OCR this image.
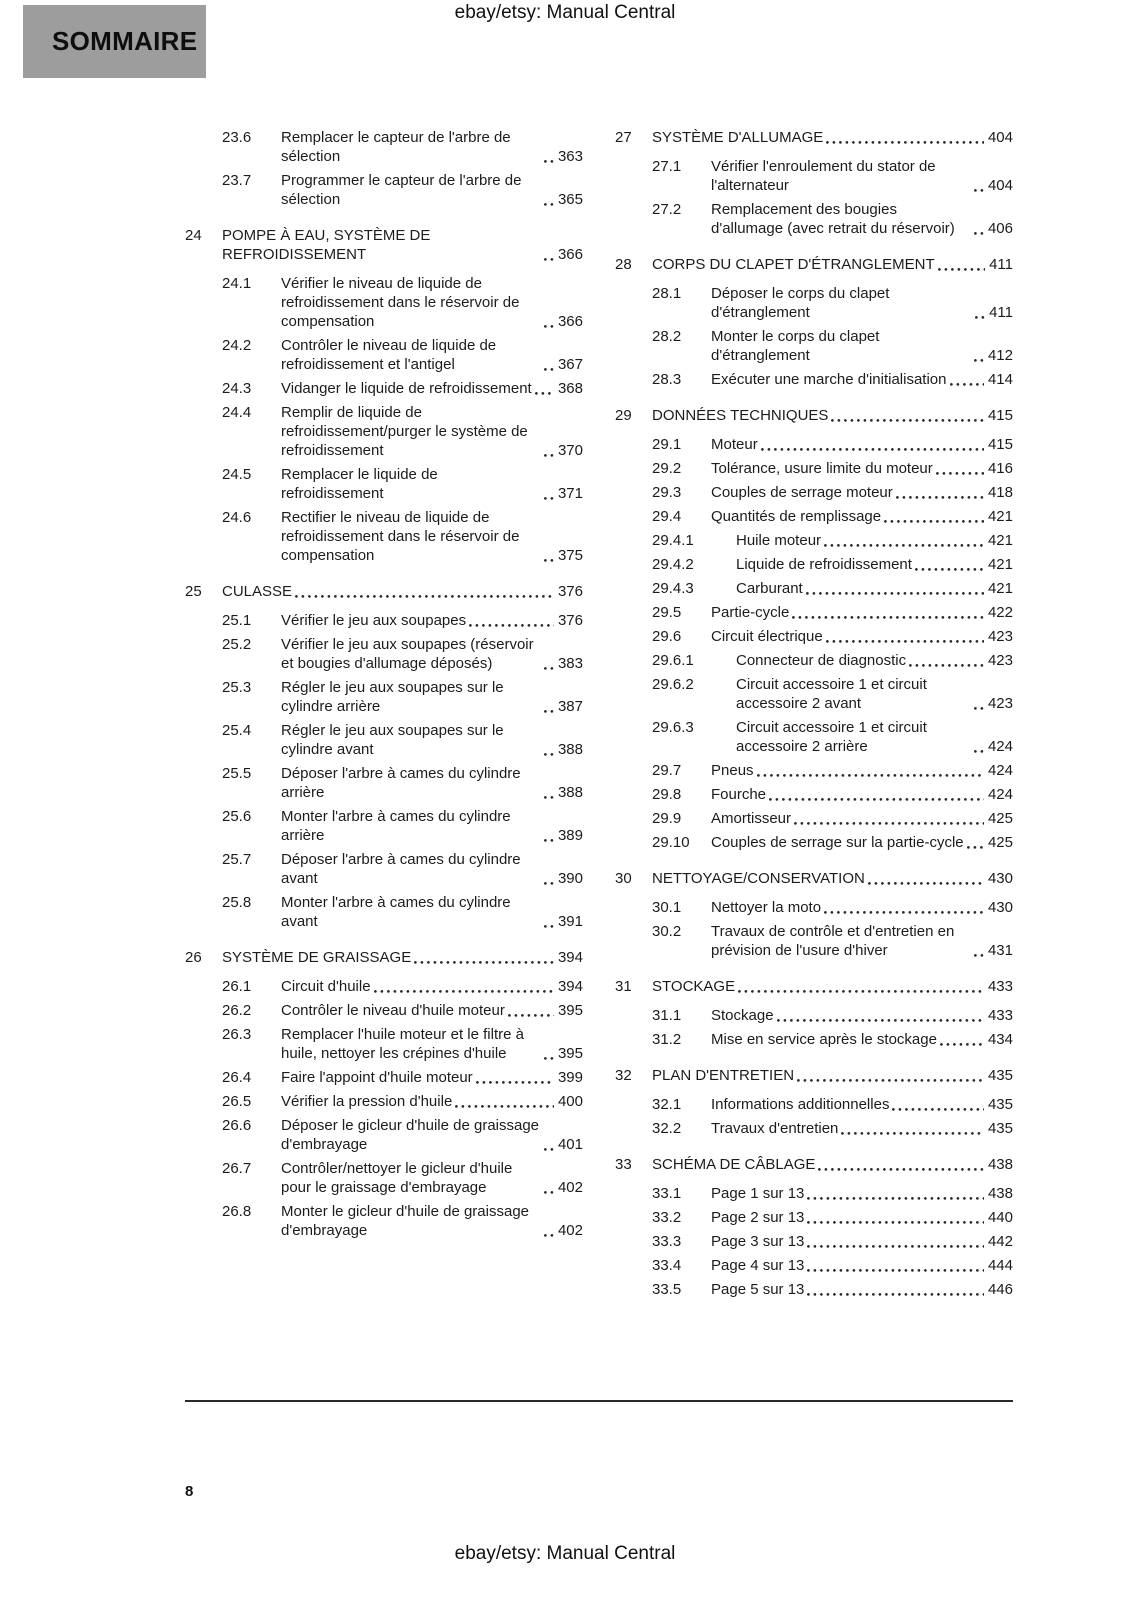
ebay/etsy: Manual Central
SOMMAIRE
23.6	Remplacer le capteur de l'arbre de sélection	363
23.7	Programmer le capteur de l'arbre de sélection	365
24	POMPE À EAU, SYSTÈME DE REFROIDISSEMENT	366
24.1	Vérifier le niveau de liquide de refroidissement dans le réservoir de compensation	366
24.2	Contrôler le niveau de liquide de refroidissement et l'antigel	367
24.3	Vidanger le liquide de refroidissement 368
24.4	Remplir de liquide de refroidissement/purger le système de refroidissement	370
24.5	Remplacer le liquide de refroidissement	371
24.6	Rectifier le niveau de liquide de refroidissement dans le réservoir de compensation	375
25	CULASSE	376
25.1	Vérifier le jeu aux soupapes	376
25.2	Vérifier le jeu aux soupapes (réservoir et bougies d'allumage déposés)	383
25.3	Régler le jeu aux soupapes sur le cylindre arrière	387
25.4	Régler le jeu aux soupapes sur le cylindre avant	388
25.5	Déposer l'arbre à cames du cylindre arrière	388
25.6	Monter l'arbre à cames du cylindre arrière	389
25.7	Déposer l'arbre à cames du cylindre avant	390
25.8	Monter l'arbre à cames du cylindre avant	391
26	SYSTÈME DE GRAISSAGE	394
26.1	Circuit d'huile	394
26.2	Contrôler le niveau d'huile moteur	395
26.3	Remplacer l'huile moteur et le filtre à huile, nettoyer les crépines d'huile	395
26.4	Faire l'appoint d'huile moteur	399
26.5	Vérifier la pression d'huile	400
26.6	Déposer le gicleur d'huile de graissage d'embrayage	401
26.7	Contrôler/nettoyer le gicleur d'huile pour le graissage d'embrayage	402
26.8	Monter le gicleur d'huile de graissage d'embrayage	402
27	SYSTÈME D'ALLUMAGE	404
27.1	Vérifier l'enroulement du stator de l'alternateur	404
27.2	Remplacement des bougies d'allumage (avec retrait du réservoir)	406
28	CORPS DU CLAPET D'ÉTRANGLEMENT	411
28.1	Déposer le corps du clapet d'étranglement	411
28.2	Monter le corps du clapet d'étranglement	412
28.3	Exécuter une marche d'initialisation	414
29	DONNÉES TECHNIQUES	415
29.1	Moteur	415
29.2	Tolérance, usure limite du moteur	416
29.3	Couples de serrage moteur	418
29.4	Quantités de remplissage	421
29.4.1	Huile moteur	421
29.4.2	Liquide de refroidissement	421
29.4.3	Carburant	421
29.5	Partie-cycle	422
29.6	Circuit électrique	423
29.6.1	Connecteur de diagnostic	423
29.6.2	Circuit accessoire 1 et circuit accessoire 2 avant	423
29.6.3	Circuit accessoire 1 et circuit accessoire 2 arrière	424
29.7	Pneus	424
29.8	Fourche	424
29.9	Amortisseur	425
29.10	Couples de serrage sur la partie-cycle 425
30	NETTOYAGE/CONSERVATION	430
30.1	Nettoyer la moto	430
30.2	Travaux de contrôle et d'entretien en prévision de l'usure d'hiver	431
31	STOCKAGE	433
31.1	Stockage	433
31.2	Mise en service après le stockage	434
32	PLAN D'ENTRETIEN	435
32.1	Informations additionnelles	435
32.2	Travaux d'entretien	435
33	SCHÉMA DE CÂBLAGE	438
33.1	Page 1 sur 13	438
33.2	Page 2 sur 13	440
33.3	Page 3 sur 13	442
33.4	Page 4 sur 13	444
33.5	Page 5 sur 13	446
8
ebay/etsy: Manual Central
